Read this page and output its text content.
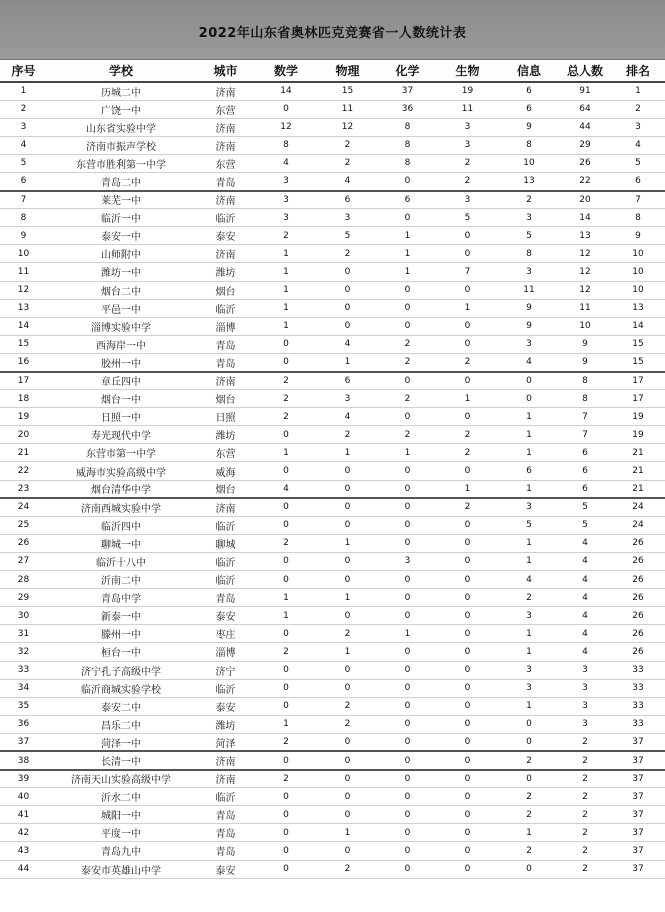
2022年山东省奥林匹克竞赛省一人数统计表
序号	学校	城市	数学	物理	化学	生物	信息	总人数	排名
1	历城二中	济南	14	15	37	19	6	91	1
2	广饶一中	东营	0	11	36	11	6	64	2
3	山东省实验中学	济南	12	12	8	3	9	44	3
4	济南市振声学校	济南	8	2	8	3	8	29	4
5	东营市胜利第一中学	东营	4	2	8	2	10	26	5
6	青岛二中	青岛	3	4	0	2	13	22	6
7	莱芜一中	济南	3	6	6	3	2	20	7
8	临沂一中	临沂	3	3	0	5	3	14	8
9	泰安一中	泰安	2	5	1	0	5	13	9
10	山师附中	济南	1	2	1	0	8	12	10
11	潍坊一中	潍坊	1	0	1	7	3	12	10
12	烟台二中	烟台	1	0	0	0	11	12	10
13	平邑一中	临沂	1	0	0	1	9	11	13
14	淄博实验中学	淄博	1	0	0	0	9	10	14
15	西海岸一中	青岛	0	4	2	0	3	9	15
16	胶州一中	青岛	0	1	2	2	4	9	15
17	章丘四中	济南	2	6	0	0	0	8	17
18	烟台一中	烟台	2	3	2	1	0	8	17
19	日照一中	日照	2	4	0	0	1	7	19
20	寿光现代中学	潍坊	0	2	2	2	1	7	19
21	东营市第一中学	东营	1	1	1	2	1	6	21
22	威海市实验高级中学	威海	0	0	0	0	6	6	21
23	烟台清华中学	烟台	4	0	0	1	1	6	21
24	济南西城实验中学	济南	0	0	0	2	3	5	24
25	临沂四中	临沂	0	0	0	0	5	5	24
26	聊城一中	聊城	2	1	0	0	1	4	26
27	临沂十八中	临沂	0	0	3	0	1	4	26
28	沂南二中	临沂	0	0	0	0	4	4	26
29	青岛中学	青岛	1	1	0	0	2	4	26
30	新泰一中	泰安	1	0	0	0	3	4	26
31	滕州一中	枣庄	0	2	1	0	1	4	26
32	桓台一中	淄博	2	1	0	0	1	4	26
33	济宁孔子高级中学	济宁	0	0	0	0	3	3	33
34	临沂商城实验学校	临沂	0	0	0	0	3	3	33
35	泰安二中	泰安	0	2	0	0	1	3	33
36	昌乐二中	潍坊	1	2	0	0	0	3	33
37	菏泽一中	菏泽	2	0	0	0	0	2	37
38	长清一中	济南	0	0	0	0	2	2	37
39	济南天山实验高级中学	济南	2	0	0	0	0	2	37
40	沂水二中	临沂	0	0	0	0	2	2	37
41	城阳一中	青岛	0	0	0	0	2	2	37
42	平度一中	青岛	0	1	0	0	1	2	37
43	青岛九中	青岛	0	0	0	0	2	2	37
44	泰安市英雄山中学	泰安	0	2	0	0	0	2	37
